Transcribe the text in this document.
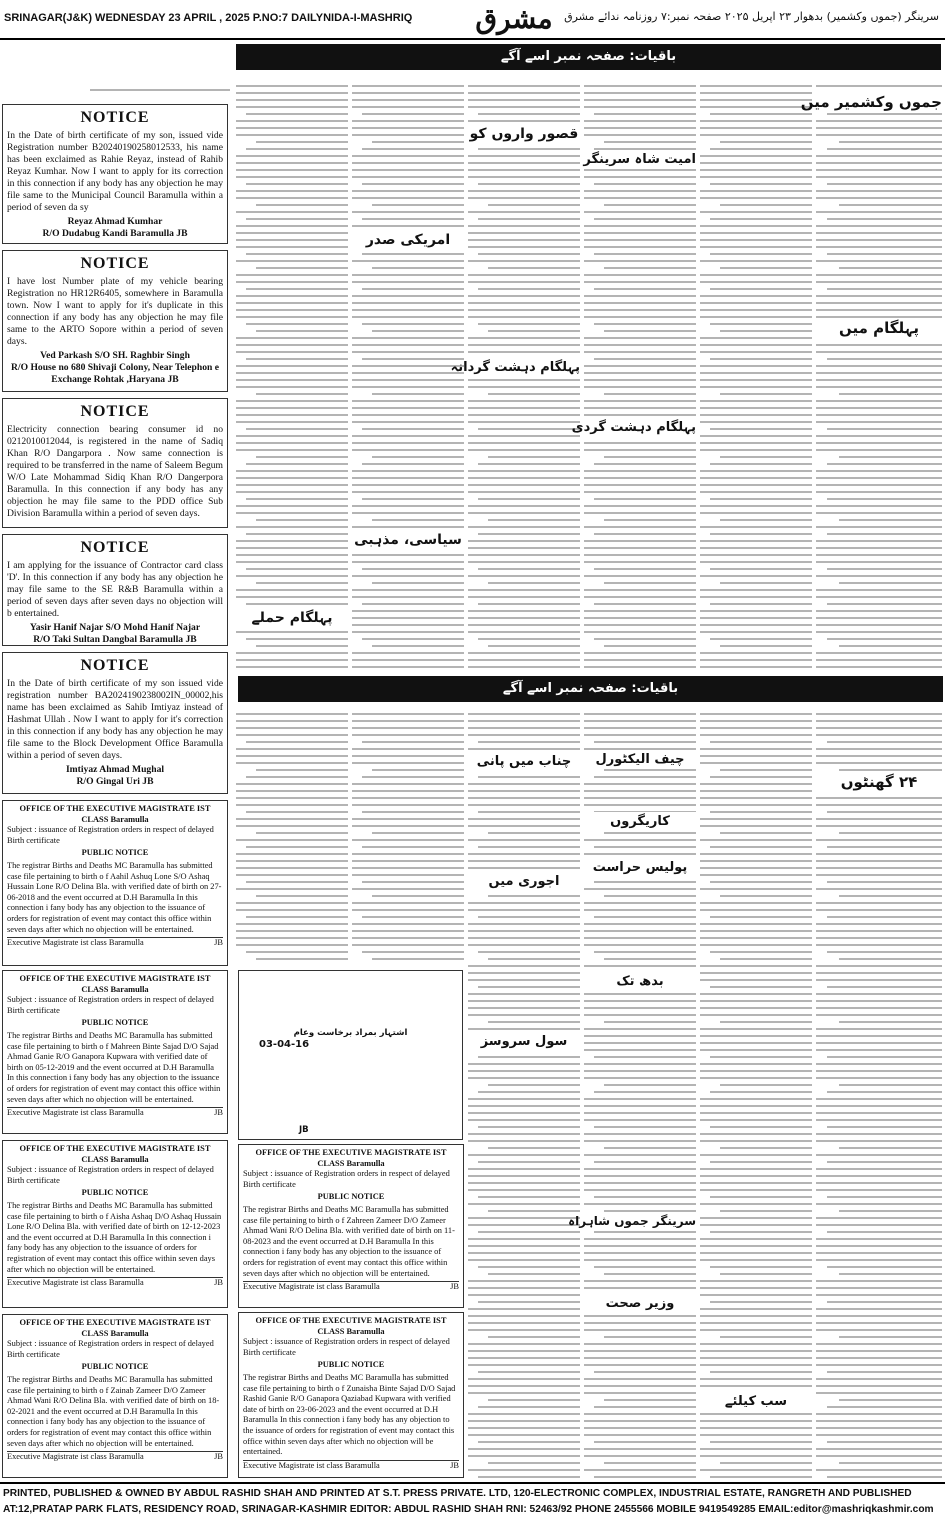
SRINAGAR(J&K) WEDNESDAY 23 APRIL , 2025 P.NO:7 DAILYNIDA-I-MASHRIQ مشرق	سرینگر (جموں وکشمیر) بدھوار ۲۳ اپریل ۲۰۲۵ صفحہ نمبر:۷ روزنامہ ندائے مشرق
باقیات: صفحہ نمبر اسے آگے
باقیات: صفحہ نمبر اسے آگے
NOTICE
In the Date of birth certificate of my son, issued vide Registration number B20240190258012533, his name has been exclaimed as Rahie Reyaz, instead of Rahib Reyaz Kumhar. Now I want to apply for its correction in this connection if any body has any objection he may file same to the Municipal Council Baramulla within a period of seven da sy
Reyaz Ahmad Kumhar
R/O Dudabug Kandi Baramulla JB
NOTICE
I have lost Number plate of my vehicle bearing Registration no HR12R6405, somewhere in Baramulla town. Now I want to apply for it's duplicate in this connection if any body has any objection he may file same to the ARTO Sopore within a period of seven days.
Ved Parkash S/O SH. Raghbir Singh
R/O House no 680 Shivaji Colony, Near Telephon e Exchange Rohtak ,Haryana JB
NOTICE
Electricity connection bearing consumer id no 0212010012044, is registered in the name of Sadiq Khan R/O Dangarpora . Now same connection is required to be transferred in the name of Saleem Begum W/O Late Mohammad Sidiq Khan R/O Dangerpora Baramulla. In this connection if any body has any objection he may file same to the PDD office Sub Division Baramulla within a period of seven days.
NOTICE
I am applying for the issuance of Contractor card class 'D'. In this connection if any body has any objection he may file same to the SE R&B Baramulla within a period of seven days after seven days no objection will b entertained.
Yasir Hanif Najar S/O Mohd Hanif Najar
R/O Taki Sultan Dangbal Baramulla JB
NOTICE
In the Date of birth certificate of my son issued vide registration number BA2024190238002IN_00002,his name has been exclaimed as Sahib Imtiyaz instead of Hashmat Ullah . Now I want to apply for it's correction in this connection if any body has any objection he may file same to the Block Development Office Baramulla within a period of seven days.
Imtiyaz Ahmad Mughal
R/O Gingal Uri JB
OFFICE OF THE EXECUTIVE MAGISTRATE IST CLASS Baramulla
Subject : issuance of Registration orders in respect of delayed Birth certificate
PUBLIC NOTICE
The registrar Births and Deaths MC Baramulla has submitted case file pertaining to birth o f Aahil Ashuq Lone S/O Ashaq Hussain Lone R/O Delina Bla. with verified date of birth on 27-06-2018 and the event occurred at D.H Baramulla In this connection i fany body has any objection to the issuance of orders for registration of event may contact this office within seven days after which no objection will be entertained.
Executive Magistrate ist class Baramulla	JB
OFFICE OF THE EXECUTIVE MAGISTRATE IST CLASS Baramulla
Subject : issuance of Registration orders in respect of delayed Birth certificate
PUBLIC NOTICE
The registrar Births and Deaths MC Baramulla has submitted case file pertaining to birth o f Mahreen Binte Sajad D/O Sajad Ahmad Ganie R/O Ganapora Kupwara with verified date of birth on 05-12-2019 and the event occurred at D.H Baramulla In this connection i fany body has any objection to the issuance of orders for registration of event may contact this office within seven days after which no objection will be entertained.
Executive Magistrate ist class Baramulla	JB
OFFICE OF THE EXECUTIVE MAGISTRATE IST CLASS Baramulla
Subject : issuance of Registration orders in respect of delayed Birth certificate
PUBLIC NOTICE
The registrar Births and Deaths MC Baramulla has submitted case file pertaining to birth o f Aisha Ashaq D/O Ashaq Hussain Lone R/O Delina Bla. with verified date of birth on 12-12-2023 and the event occurred at D.H Baramulla In this connection i fany body has any objection to the issuance of orders for registration of event may contact this office within seven days after which no objection will be entertained.
Executive Magistrate ist class Baramulla	JB
OFFICE OF THE EXECUTIVE MAGISTRATE IST CLASS Baramulla
Subject : issuance of Registration orders in respect of delayed Birth certificate
PUBLIC NOTICE
The registrar Births and Deaths MC Baramulla has submitted case file pertaining to birth o f Zainab Zameer D/O Zameer Ahmad Wani R/O Delina Bla. with verified date of birth on 18-02-2021 and the event occurred at D.H Baramulla In this connection i fany body has any objection to the issuance of orders for registration of event may contact this office within seven days after which no objection will be entertained.
Executive Magistrate ist class Baramulla	JB
OFFICE OF THE EXECUTIVE MAGISTRATE IST CLASS Baramulla
Subject : issuance of Registration orders in respect of delayed Birth certificate
PUBLIC NOTICE
The registrar Births and Deaths MC Baramulla has submitted case file pertaining to birth o f Zahreen Zameer D/O Zameer Ahmad Wani R/O Delina Bla. with verified date of birth on 11-08-2023 and the event occurred at D.H Baramulla In this connection i fany body has any objection to the issuance of orders for registration of event may contact this office within seven days after which no objection will be entertained.
Executive Magistrate ist class Baramulla	JB
OFFICE OF THE EXECUTIVE MAGISTRATE IST CLASS Baramulla
Subject : issuance of Registration orders in respect of delayed Birth certificate
PUBLIC NOTICE
The registrar Births and Deaths MC Baramulla has submitted case file pertaining to birth o f Zunaisha Binte Sajad D/O Sajad Rashid Ganie R/O Ganapora Qaziabad Kupwara with verified date of birth on 23-06-2023 and the event occurred at D.H Baramulla In this connection i fany body has any objection to the issuance of orders for registration of event may contact this office within seven days after which no objection will be entertained.
Executive Magistrate ist class Baramulla	JB
اشتہار بمراد برخاست وعام
03-04-16
JB
PRINTED, PUBLISHED & OWNED BY ABDUL RASHID SHAH AND PRINTED AT S.T. PRESS PRIVATE. LTD, 120-ELECTRONIC COMPLEX, INDUSTRIAL ESTATE, RANGRETH AND PUBLISHED
AT:12,PRATAP PARK FLATS, RESIDENCY ROAD, SRINAGAR-KASHMIR EDITOR: ABDUL RASHID SHAH RNI: 52463/92 PHONE 2455566 MOBILE 9419549285 EMAIL:editor@mashriqkashmir.com
جموں وکشمیر میں
پہلگام میں
امیت شاہ سرینگر
قصور واروں کو
امریکی صدر
پہلگام دہشت گردی
پہلگام دہشت گردانہ
سیاسی، مذہبی
پہلگام حملے
۲۴ گھنٹوں
چیف الیکٹورل
کاریگروں
چناب میں پانی
پولیس حراست
اجوری میں
بدھ تک
سول سروسز
سرینگر جموں شاہراہ
وزیر صحت
سب کیلئے
